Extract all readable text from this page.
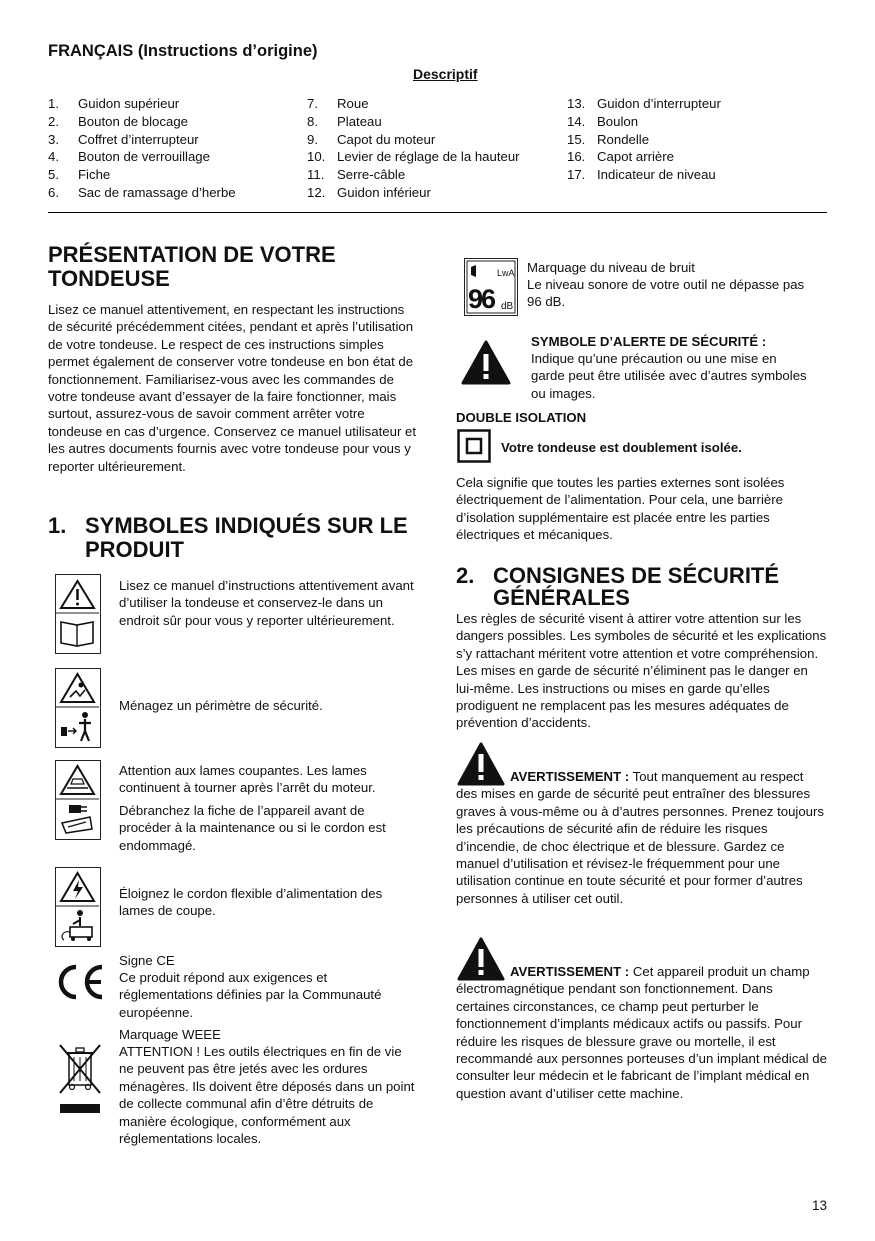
FRANÇAIS (Instructions d’origine)
Descriptif
1. Guidon supérieur
2. Bouton de blocage
3. Coffret d’interrupteur
4. Bouton de verrouillage
5. Fiche
6. Sac de ramassage d’herbe
7. Roue
8. Plateau
9. Capot du moteur
10. Levier de réglage de la hauteur
11. Serre-câble
12. Guidon inférieur
13. Guidon d’interrupteur
14. Boulon
15. Rondelle
16. Capot arrière
17. Indicateur de niveau
PRÉSENTATION DE VOTRE
TONDEUSE
Lisez ce manuel attentivement, en respectant les instructions de sécurité précédemment citées, pendant et après l’utilisation de votre tondeuse. Le respect de ces instructions simples permet également de conserver votre tondeuse en bon état de fonctionnement. Familiarisez-vous avec les commandes de votre tondeuse avant d’essayer de la faire fonctionner, mais surtout, assurez-vous de savoir comment arrêter votre tondeuse en cas d’urgence. Conservez ce manuel utilisateur et les autres documents fournis avec votre tondeuse pour vous y reporter ultérieurement.
1. SYMBOLES INDIQUÉS SUR LE PRODUIT
Lisez ce manuel d’instructions attentivement avant d’utiliser la tondeuse et conservez-le dans un endroit sûr pour vous y reporter ultérieurement.
Ménagez un périmètre de sécurité.
Attention aux lames coupantes. Les lames continuent à tourner après l’arrêt du moteur.
Débranchez la fiche de l’appareil avant de procéder à la maintenance ou si le cordon est endommagé.
Éloignez le cordon flexible d’alimentation des lames de coupe.
Signe CE
Ce produit répond aux exigences et réglementations définies par la Communauté européenne.
Marquage WEEE
ATTENTION ! Les outils électriques en fin de vie ne peuvent pas être jetés avec les ordures ménagères. Ils doivent être déposés dans un point de collecte communal afin d’être détruits de manière écologique, conformément aux réglementations locales.
LwA
96 dB
Marquage du niveau de bruit
Le niveau sonore de votre outil ne dépasse pas 96 dB.
SYMBOLE D’ALERTE DE SÉCURITÉ :
Indique qu’une précaution ou une mise en garde peut être utilisée avec d’autres symboles ou images.
DOUBLE ISOLATION
Votre tondeuse est doublement isolée.
Cela signifie que toutes les parties externes sont isolées électriquement de l’alimentation. Pour cela, une barrière d’isolation supplémentaire est placée entre les parties électriques et mécaniques.
2. CONSIGNES DE SÉCURITÉ
GÉNÉRALES
Les règles de sécurité visent à attirer votre attention sur les dangers possibles. Les symboles de sécurité et les explications s’y rattachant méritent votre attention et votre compréhension. Les mises en garde de sécurité n’éliminent pas le danger en lui-même. Les instructions ou mises en garde qu’elles prodiguent ne remplacent pas les mesures adéquates de prévention d’accidents.
AVERTISSEMENT : Tout manquement au respect des mises en garde de sécurité peut entraîner des blessures graves à vous-même ou à d’autres personnes. Prenez toujours les précautions de sécurité afin de réduire les risques d’incendie, de choc électrique et de blessure. Gardez ce manuel d’utilisation et révisez-le fréquemment pour une utilisation continue en toute sécurité et pour former d’autres personnes à utiliser cet outil.
AVERTISSEMENT : Cet appareil produit un champ électromagnétique pendant son fonctionnement. Dans certaines circonstances, ce champ peut perturber le fonctionnement d’implants médicaux actifs ou passifs. Pour réduire les risques de blessure grave ou mortelle, il est recommandé aux personnes porteuses d’un implant médical de consulter leur médecin et le fabricant de l’implant médical en question avant d’utiliser cette machine.
13
